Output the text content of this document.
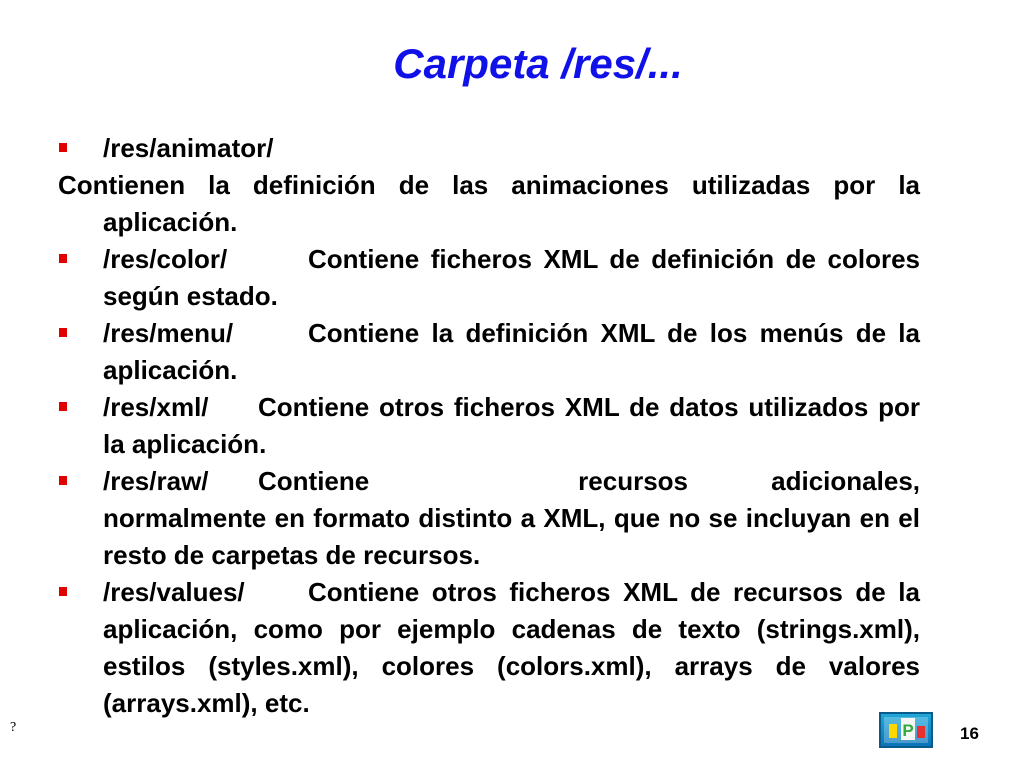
Carpeta /res/...
/res/animator/
Contienen la definición de las animaciones utilizadas por la aplicación.
/res/color/	Contiene ficheros XML de definición de colores según estado.
/res/menu/	Contiene la definición XML de los menús de la aplicación.
/res/xml/ Contiene otros ficheros XML de datos utilizados por la aplicación.
/res/raw/ Contiene	recursos	adicionales,
normalmente en formato distinto a XML, que no se incluyan en el resto de carpetas de recursos.
/res/values/ Contiene otros ficheros XML de recursos de la aplicación, como por ejemplo cadenas de texto (strings.xml), estilos (styles.xml), colores (colors.xml), arrays de valores (arrays.xml), etc.
?	P	16
